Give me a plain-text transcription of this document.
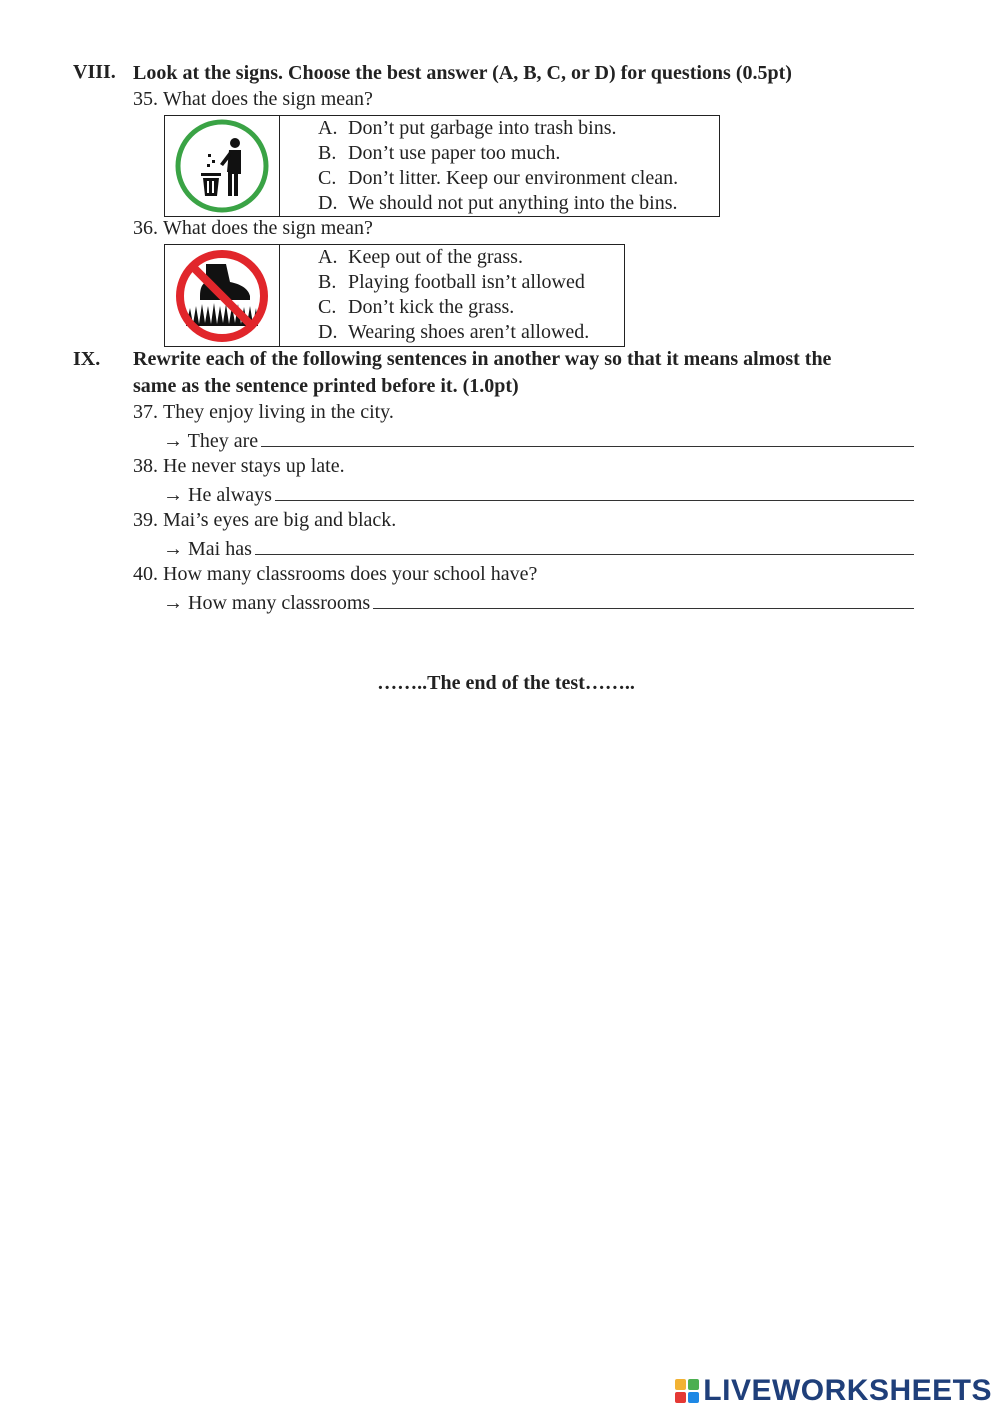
VIII. Look at the signs. Choose the best answer (A, B, C, or D) for questions (0.5pt)
35. What does the sign mean?
A. Don’t put garbage into trash bins.
B. Don’t use paper too much.
C. Don’t litter. Keep our environment clean.
D. We should not put anything into the bins.
36. What does the sign mean?
A. Keep out of the grass.
B. Playing football isn’t allowed
C. Don’t kick the grass.
D. Wearing shoes aren’t allowed.
IX. Rewrite each of the following sentences in another way so that it means almost the
same as the sentence printed before it. (1.0pt)
37. They enjoy living in the city.
→ They are
38. He never stays up late.
→ He always
39. Mai’s eyes are big and black.
→ Mai has
40. How many classrooms does your school have?
→ How many classrooms
……..The end of the test……..
LIVEWORKSHEETS
